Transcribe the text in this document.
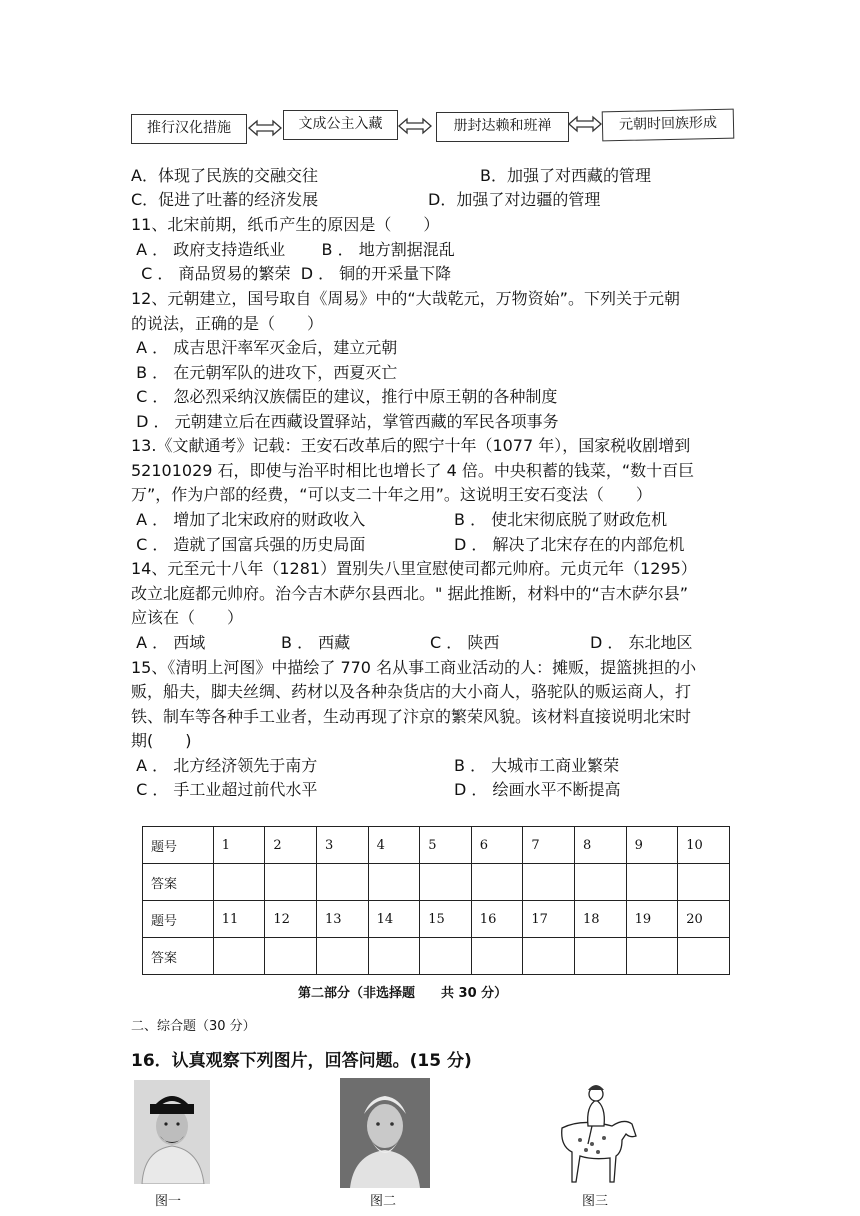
推行汉化措施	文成公主入藏	册封达赖和班禅	元朝时回族形成
A．体现了民族的交融交往	B．加强了对西藏的管理
C．促进了吐蕃的经济发展	D．加强了对边疆的管理
11、北宋前期，纸币产生的原因是（　　）
A ． 政府支持造纸业 　   B ． 地方割据混乱
C ． 商品贸易的繁荣  D ． 铜的开采量下降
12、元朝建立，国号取自《周易》中的“大哉乾元，万物资始”。下列关于元朝
的说法，正确的是（　　）
A ． 成吉思汗率军灭金后，建立元朝
B ． 在元朝军队的进攻下，西夏灭亡
C ． 忽必烈采纳汉族儒臣的建议，推行中原王朝的各种制度
D ． 元朝建立后在西藏设置驿站，掌管西藏的军民各项事务
13.《文献通考》记载：王安石改革后的熙宁十年（1077 年），国家税收剧增到
52101029 石，即使与治平时相比也增长了 4 倍。中央积蓄的钱菜，“数十百巨
万”，作为户部的经费，“可以支二十年之用”。这说明王安石变法（　　）
A ． 增加了北宋政府的财政收入	B ． 使北宋彻底脱了财政危机
C ． 造就了国富兵强的历史局面	D ． 解决了北宋存在的内部危机
14、元至元十八年（1281）置别失八里宣慰使司都元帅府。元贞元年（1295）
改立北庭都元帅府。治今吉木萨尔县西北。" 据此推断，材料中的“吉木萨尔县”
应该在（　　）
A ． 西域	B ． 西藏	C ． 陕西	D ． 东北地区
15、《清明上河图》中描绘了 770 名从事工商业活动的人：摊贩，提篮挑担的小
贩，船夫，脚夫丝绸、药材以及各种杂货店的大小商人，骆驼队的贩运商人，打
铁、制车等各种手工业者，生动再现了汴京的繁荣风貌。该材料直接说明北宋时
期(　　)
A ． 北方经济领先于南方	B ． 大城市工商业繁荣
C ． 手工业超过前代水平	D ． 绘画水平不断提高
题号	1	2	3	4	5	6	7	8	9	10
答案										
题号	11	12	13	14	15	16	17	18	19	20
答案										
第二部分（非选择题　　共 30 分）
二、综合题（30 分）
16．认真观察下列图片，回答问题。(15 分)
图一	图二	图三
